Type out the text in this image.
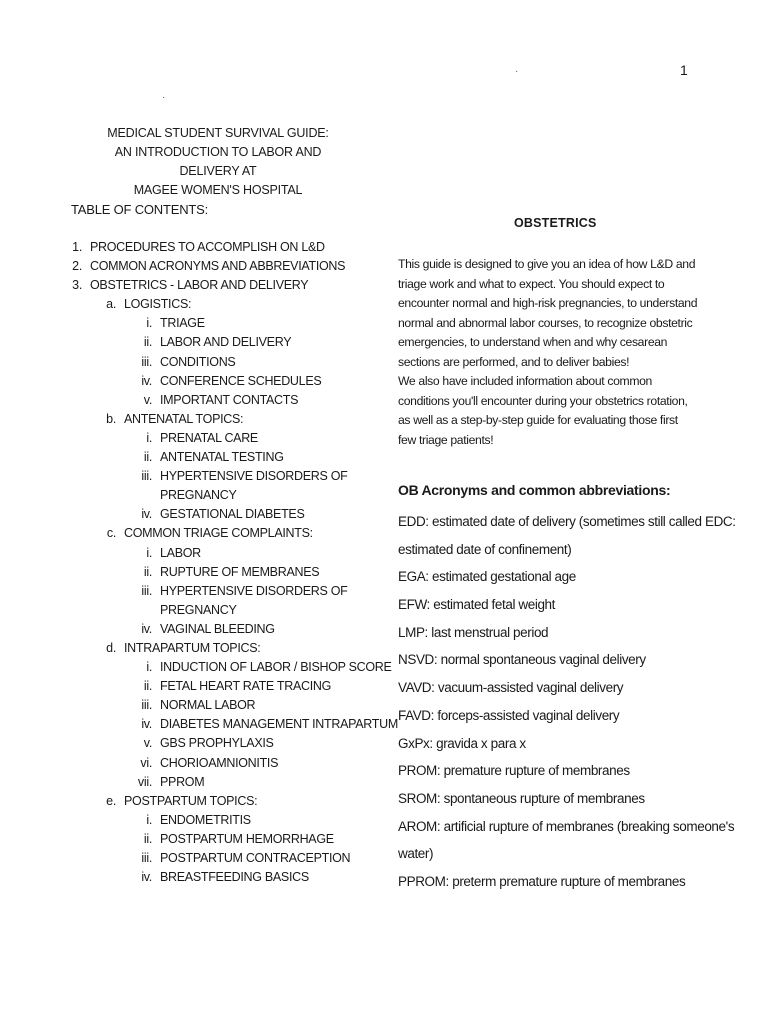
1
MEDICAL STUDENT SURVIVAL GUIDE:
AN INTRODUCTION TO LABOR AND DELIVERY AT
MAGEE WOMEN'S HOSPITAL
TABLE OF CONTENTS:
1. PROCEDURES TO ACCOMPLISH ON L&D
2. COMMON ACRONYMS AND ABBREVIATIONS
3. OBSTETRICS - LABOR AND DELIVERY
a. LOGISTICS:
i. TRIAGE
ii. LABOR AND DELIVERY
iii. CONDITIONS
iv. CONFERENCE SCHEDULES
v. IMPORTANT CONTACTS
b. ANTENATAL TOPICS:
i. PRENATAL CARE
ii. ANTENATAL TESTING
iii. HYPERTENSIVE DISORDERS OF
PREGNANCY
iv. GESTATIONAL DIABETES
c. COMMON TRIAGE COMPLAINTS:
i. LABOR
ii. RUPTURE OF MEMBRANES
iii. HYPERTENSIVE DISORDERS OF
PREGNANCY
iv. VAGINAL BLEEDING
d. INTRAPARTUM TOPICS:
i. INDUCTION OF LABOR / BISHOP SCORE
ii. FETAL HEART RATE TRACING
iii. NORMAL LABOR
iv. DIABETES MANAGEMENT INTRAPARTUM
v. GBS PROPHYLAXIS
vi. CHORIOAMNIONITIS
vii. PPROM
e. POSTPARTUM TOPICS:
i. ENDOMETRITIS
ii. POSTPARTUM HEMORRHAGE
iii. POSTPARTUM CONTRACEPTION
iv. BREASTFEEDING BASICS
OBSTETRICS
This guide is designed to give you an idea of how L&D and triage work and what to expect. You should expect to encounter normal and high-risk pregnancies, to understand normal and abnormal labor courses, to recognize obstetric emergencies, to understand when and why cesarean sections are performed, and to deliver babies!
We also have included information about common conditions you'll encounter during your obstetrics rotation, as well as a step-by-step guide for evaluating those first few triage patients!
OB Acronyms and common abbreviations:
EDD: estimated date of delivery (sometimes still called EDC:
estimated date of confinement)
EGA: estimated gestational age
EFW: estimated fetal weight
LMP: last menstrual period
NSVD: normal spontaneous vaginal delivery
VAVD: vacuum-assisted vaginal delivery
FAVD: forceps-assisted vaginal delivery
GxPx: gravida x para x
PROM: premature rupture of membranes
SROM: spontaneous rupture of membranes
AROM: artificial rupture of membranes (breaking someone's
water)
PPROM: preterm premature rupture of membranes
·
·
